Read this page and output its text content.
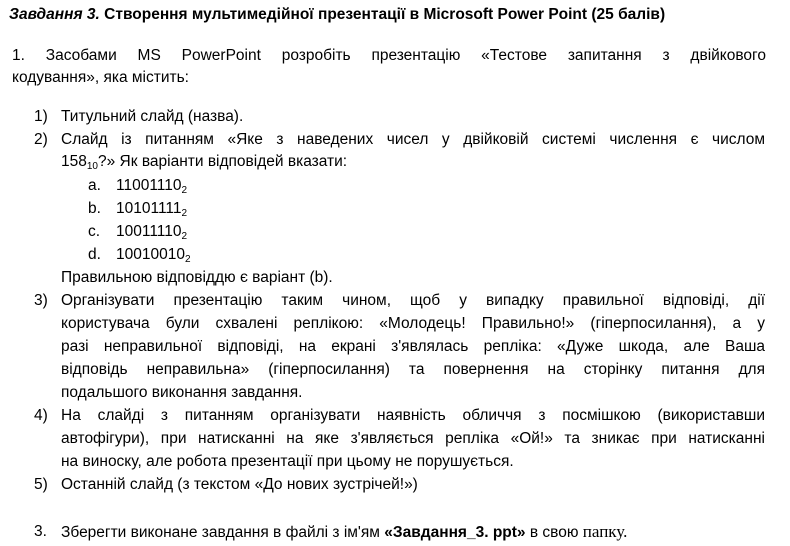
Завдання 3. Створення мультимедійної презентації в Microsoft Power Point (25 балів)
1. Засобами MS PowerPoint розробіть презентацію «Тестове запитання з двійкового
кодування», яка містить:
1) Титульний слайд (назва).
2) Слайд із питанням «Яке з наведених чисел у двійковій системі числення є числом
$158_{10}$?» Як варіанти відповідей вказати:
a. $11001110_2$
b. $10101111_2$
c. $10011110_2$
d. $10010010_2$
Правильною відповіддю є варіант (b).
3) Організувати презентацію таким чином, щоб у випадку правильної відповіді, дії
користувача були схвалені реплікою: «Молодець! Правильно!» (гіперпосилання), а у
разі неправильної відповіді, на екрані з'являлась репліка: «Дуже шкода, але Ваша
відповідь неправильна» (гіперпосилання) та повернення на сторінку питання для
подальшого виконання завдання.
4) На слайді з питанням організувати наявність обличчя з посмішкою (використавши
автофігури), при натисканні на яке з'являється репліка «Ой!» та зникає при натисканні
на виноску, але робота презентації при цьому не порушується.
5) Останній слайд (з текстом «До нових зустрічей!»)
3. Зберегти виконане завдання в файлі з ім'ям «Завдання_3. ppt» в свою папку.
